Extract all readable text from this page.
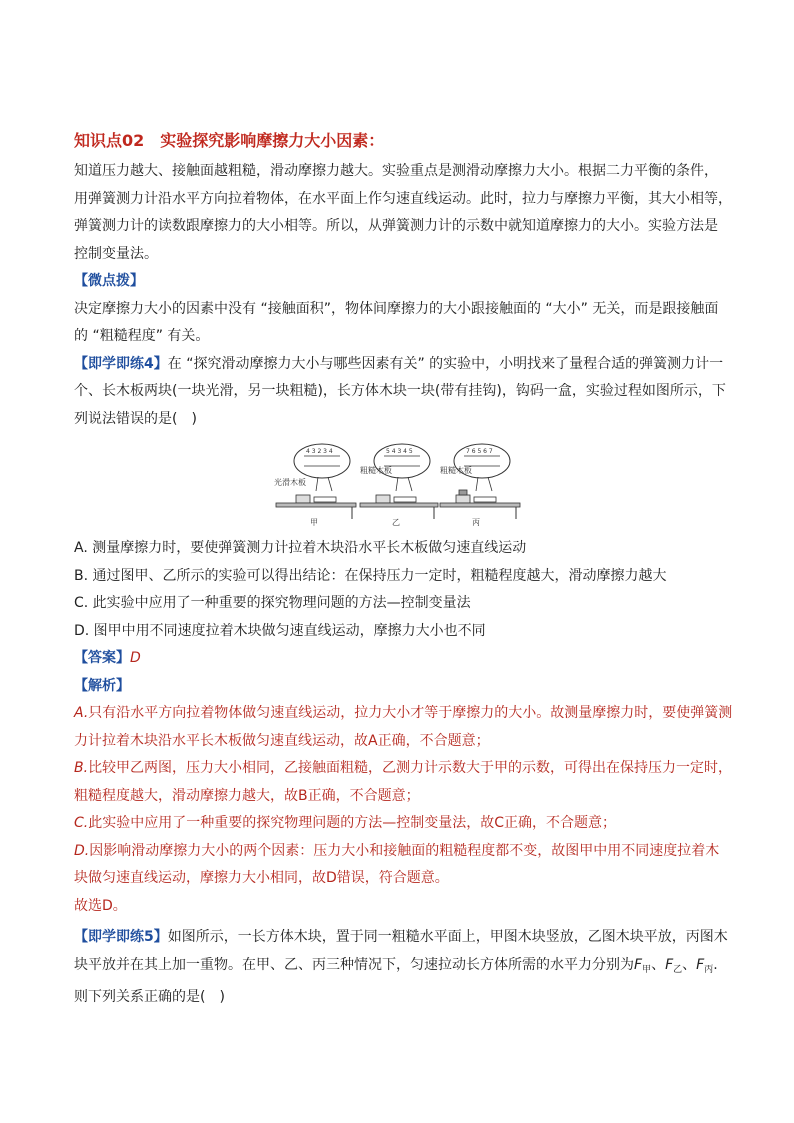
知识点02 实验探究影响摩擦力大小因素：

知道压力越大、接触面越粗糙，滑动摩擦力越大。实验重点是测滑动摩擦力大小。根据二力平衡的条件，

用弹簧测力计沿水平方向拉着物体，在水平面上作匀速直线运动。此时，拉力与摩擦力平衡，其大小相等，

弹簧测力计的读数跟摩擦力的大小相等。所以，从弹簧测力计的示数中就知道摩擦力的大小。实验方法是

控制变量法。

【微点拨】

决定摩擦力大小的因素中没有 “接触面积”，物体间摩擦力的大小跟接触面的 “大小” 无关，而是跟接触面

的 “粗糙程度” 有关。

【即学即练4】在 “探究滑动摩擦力大小与哪些因素有关” 的实验中，小明找来了量程合适的弹簧测力计一

个、长木板两块(一块光滑，另一块粗糙)，长方体木块一块(带有挂钩)，钩码一盒，实验过程如图所示，下

列说法错误的是(　)

4 3 2 3 4
光滑木板
甲
5 4 3 4 5
粗糙木板
乙
7 6 5 6 7
粗糙木板
丙
A. 测量摩擦力时，要使弹簧测力计拉着木块沿水平长木板做匀速直线运动
B. 通过图甲、乙所示的实验可以得出结论：在保持压力一定时，粗糙程度越大，滑动摩擦力越大
C. 此实验中应用了一种重要的探究物理问题的方法—控制变量法
D. 图甲中用不同速度拉着木块做匀速直线运动，摩擦力大小也不同
【答案】D
【解析】

A.只有沿水平方向拉着物体做匀速直线运动，拉力大小才等于摩擦力的大小。故测量摩擦力时，要使弹簧测

力计拉着木块沿水平长木板做匀速直线运动，故A正确，不合题意；

B.比较甲乙两图，压力大小相同，乙接触面粗糙，乙测力计示数大于甲的示数，可得出在保持压力一定时，

粗糙程度越大，滑动摩擦力越大，故B正确，不合题意；

C.此实验中应用了一种重要的探究物理问题的方法—控制变量法，故C正确，不合题意；

D.因影响滑动摩擦力大小的两个因素：压力大小和接触面的粗糙程度都不变，故图甲中用不同速度拉着木

块做匀速直线运动，摩擦力大小相同，故D错误，符合题意。

故选D。

【即学即练5】如图所示，一长方体木块，置于同一粗糙水平面上，甲图木块竖放，乙图木块平放，丙图木

块平放并在其上加一重物。在甲、乙、丙三种情况下，匀速拉动长方体所需的水平力分别为$F_甲$、$F_乙$、$F_丙$.

则下列关系正确的是(　)
